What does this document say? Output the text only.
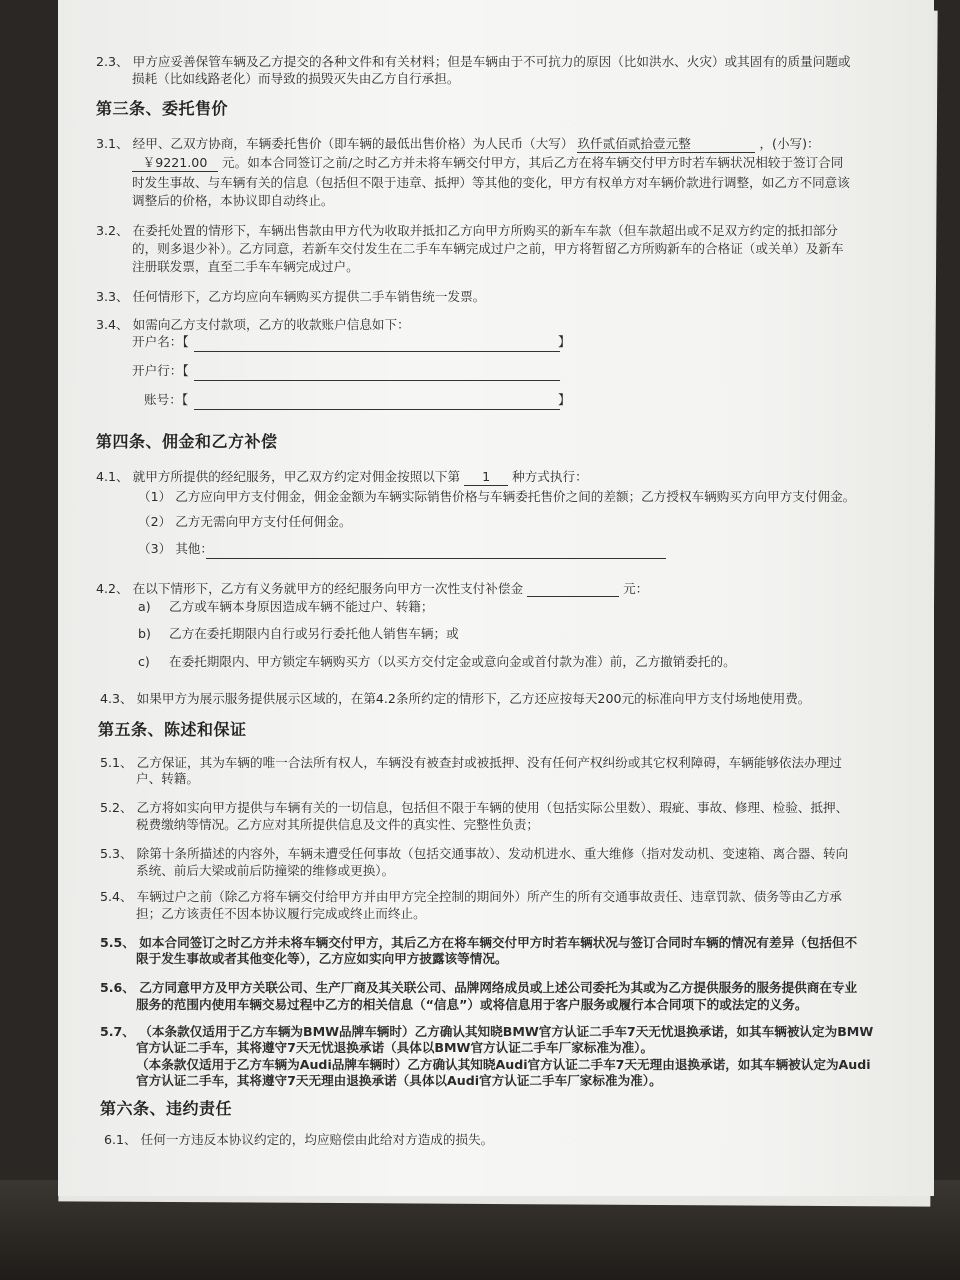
2.3、 甲方应妥善保管车辆及乙方提交的各种文件和有关材料；但是车辆由于不可抗力的原因（比如洪水、火灾）或其固有的质量问题或
损耗（比如线路老化）而导致的损毁灭失由乙方自行承担。
第三条、委托售价
3.1、 经甲、乙双方协商，车辆委托售价（即车辆的最低出售价格）为人民币（大写） 玖仟贰佰贰拾壹元整	，(小写)：
￥9221.00 元。如本合同签订之前/之时乙方并未将车辆交付甲方，其后乙方在将车辆交付甲方时若车辆状况相较于签订合同
时发生事故、与车辆有关的信息（包括但不限于违章、抵押）等其他的变化，甲方有权单方对车辆价款进行调整，如乙方不同意该
调整后的价格，本协议即自动终止。
3.2、 在委托处置的情形下，车辆出售款由甲方代为收取并抵扣乙方向甲方所购买的新车车款（但车款超出或不足双方约定的抵扣部分
的，则多退少补）。乙方同意，若新车交付发生在二手车车辆完成过户之前，甲方将暂留乙方所购新车的合格证（或关单）及新车
注册联发票，直至二手车车辆完成过户。
3.3、 任何情形下，乙方均应向车辆购买方提供二手车销售统一发票。
3.4、 如需向乙方支付款项，乙方的收款账户信息如下：
开户名：【	】
开户行：【
账号：【	】
第四条、佣金和乙方补偿
4.1、 就甲方所提供的经纪服务，甲乙双方约定对佣金按照以下第 1 种方式执行：
（1） 乙方应向甲方支付佣金，佣金金额为车辆实际销售价格与车辆委托售价之间的差额；乙方授权车辆购买方向甲方支付佣金。
（2） 乙方无需向甲方支付任何佣金。
（3） 其他：
4.2、 在以下情形下，乙方有义务就甲方的经纪服务向甲方一次性支付补偿金	元：
a) 乙方或车辆本身原因造成车辆不能过户、转籍；
b) 乙方在委托期限内自行或另行委托他人销售车辆；或
c) 在委托期限内、甲方锁定车辆购买方（以买方交付定金或意向金或首付款为准）前，乙方撤销委托的。
4.3、 如果甲方为展示服务提供展示区域的，在第4.2条所约定的情形下，乙方还应按每天200元的标准向甲方支付场地使用费。
第五条、陈述和保证
5.1、 乙方保证，其为车辆的唯一合法所有权人，车辆没有被查封或被抵押、没有任何产权纠纷或其它权利障碍，车辆能够依法办理过
户、转籍。
5.2、 乙方将如实向甲方提供与车辆有关的一切信息，包括但不限于车辆的使用（包括实际公里数）、瑕疵、事故、修理、检验、抵押、
税费缴纳等情况。乙方应对其所提供信息及文件的真实性、完整性负责；
5.3、 除第十条所描述的内容外，车辆未遭受任何事故（包括交通事故）、发动机进水、重大维修（指对发动机、变速箱、离合器、转向
系统、前后大梁或前后防撞梁的维修或更换）。
5.4、 车辆过户之前（除乙方将车辆交付给甲方并由甲方完全控制的期间外）所产生的所有交通事故责任、违章罚款、债务等由乙方承
担；乙方该责任不因本协议履行完成或终止而终止。
5.5、 如本合同签订之时乙方并未将车辆交付甲方，其后乙方在将车辆交付甲方时若车辆状况与签订合同时车辆的情况有差异（包括但不
限于发生事故或者其他变化等），乙方应如实向甲方披露该等情况。
5.6、 乙方同意甲方及甲方关联公司、生产厂商及其关联公司、品牌网络成员或上述公司委托为其或为乙方提供服务的服务提供商在专业
服务的范围内使用车辆交易过程中乙方的相关信息（“信息”）或将信息用于客户服务或履行本合同项下的或法定的义务。
5.7、 （本条款仅适用于乙方车辆为BMW品牌车辆时）乙方确认其知晓BMW官方认证二手车7天无忧退换承诺，如其车辆被认定为BMW
官方认证二手车，其将遵守7天无忧退换承诺（具体以BMW官方认证二手车厂家标准为准）。
（本条款仅适用于乙方车辆为Audi品牌车辆时）乙方确认其知晓Audi官方认证二手车7天无理由退换承诺，如其车辆被认定为Audi
官方认证二手车，其将遵守7天无理由退换承诺（具体以Audi官方认证二手车厂家标准为准）。
第六条、违约责任
6.1、 任何一方违反本协议约定的，均应赔偿由此给对方造成的损失。
